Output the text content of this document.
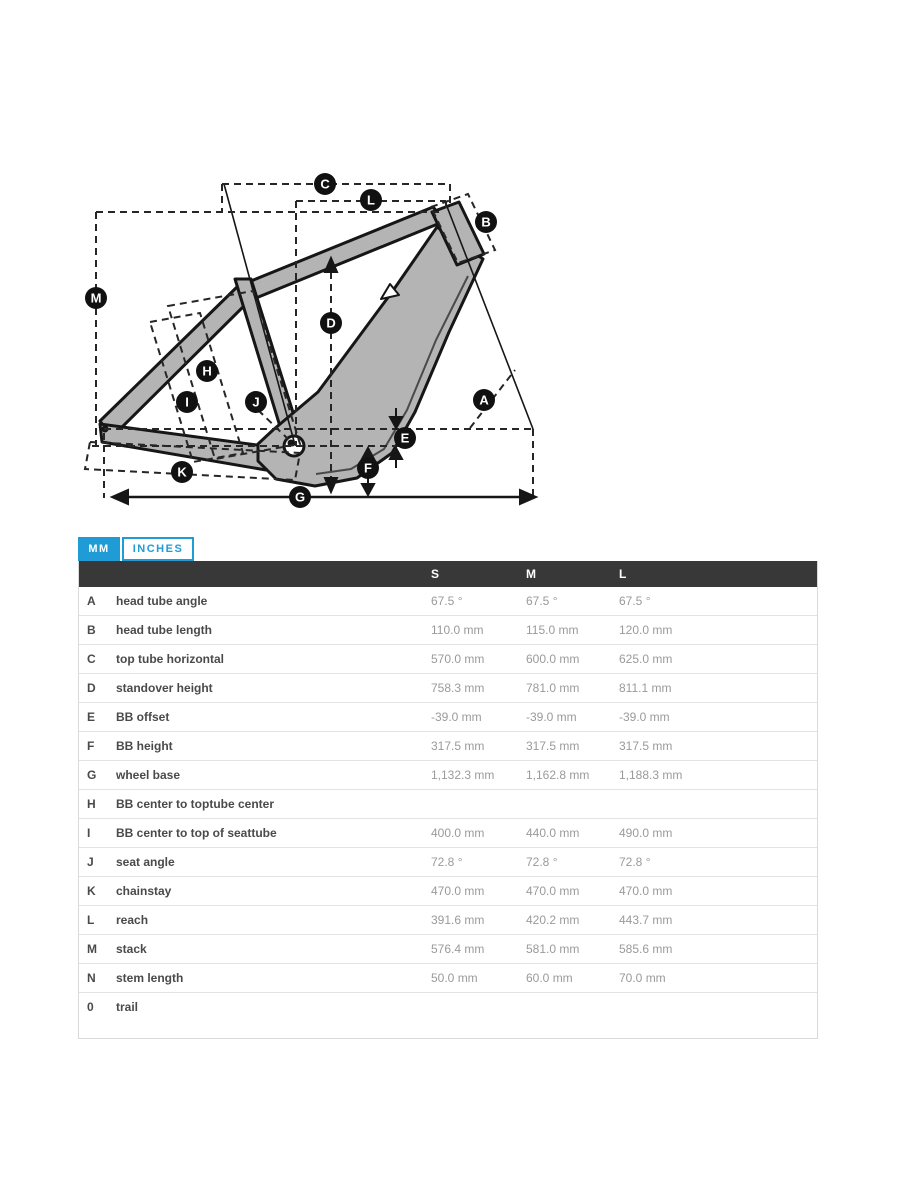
C
L
B
M
D
H
I	J	A
E
F
K
G
MM	INCHES
S	M	L
A	head tube angle	67.5 °	67.5 °	67.5 °
B	head tube length	110.0 mm	115.0 mm	120.0 mm
C	top tube horizontal	570.0 mm	600.0 mm	625.0 mm
D	standover height	758.3 mm	781.0 mm	811.1 mm
E	BB offset	-39.0 mm	-39.0 mm	-39.0 mm
F	BB height	317.5 mm	317.5 mm	317.5 mm
G	wheel base	1,132.3 mm	1,162.8 mm	1,188.3 mm
H	BB center to toptube center
I	BB center to top of seattube	400.0 mm	440.0 mm	490.0 mm
J	seat angle	72.8 °	72.8 °	72.8 °
K	chainstay	470.0 mm	470.0 mm	470.0 mm
L	reach	391.6 mm	420.2 mm	443.7 mm
M	stack	576.4 mm	581.0 mm	585.6 mm
N	stem length	50.0 mm	60.0 mm	70.0 mm
0	trail
